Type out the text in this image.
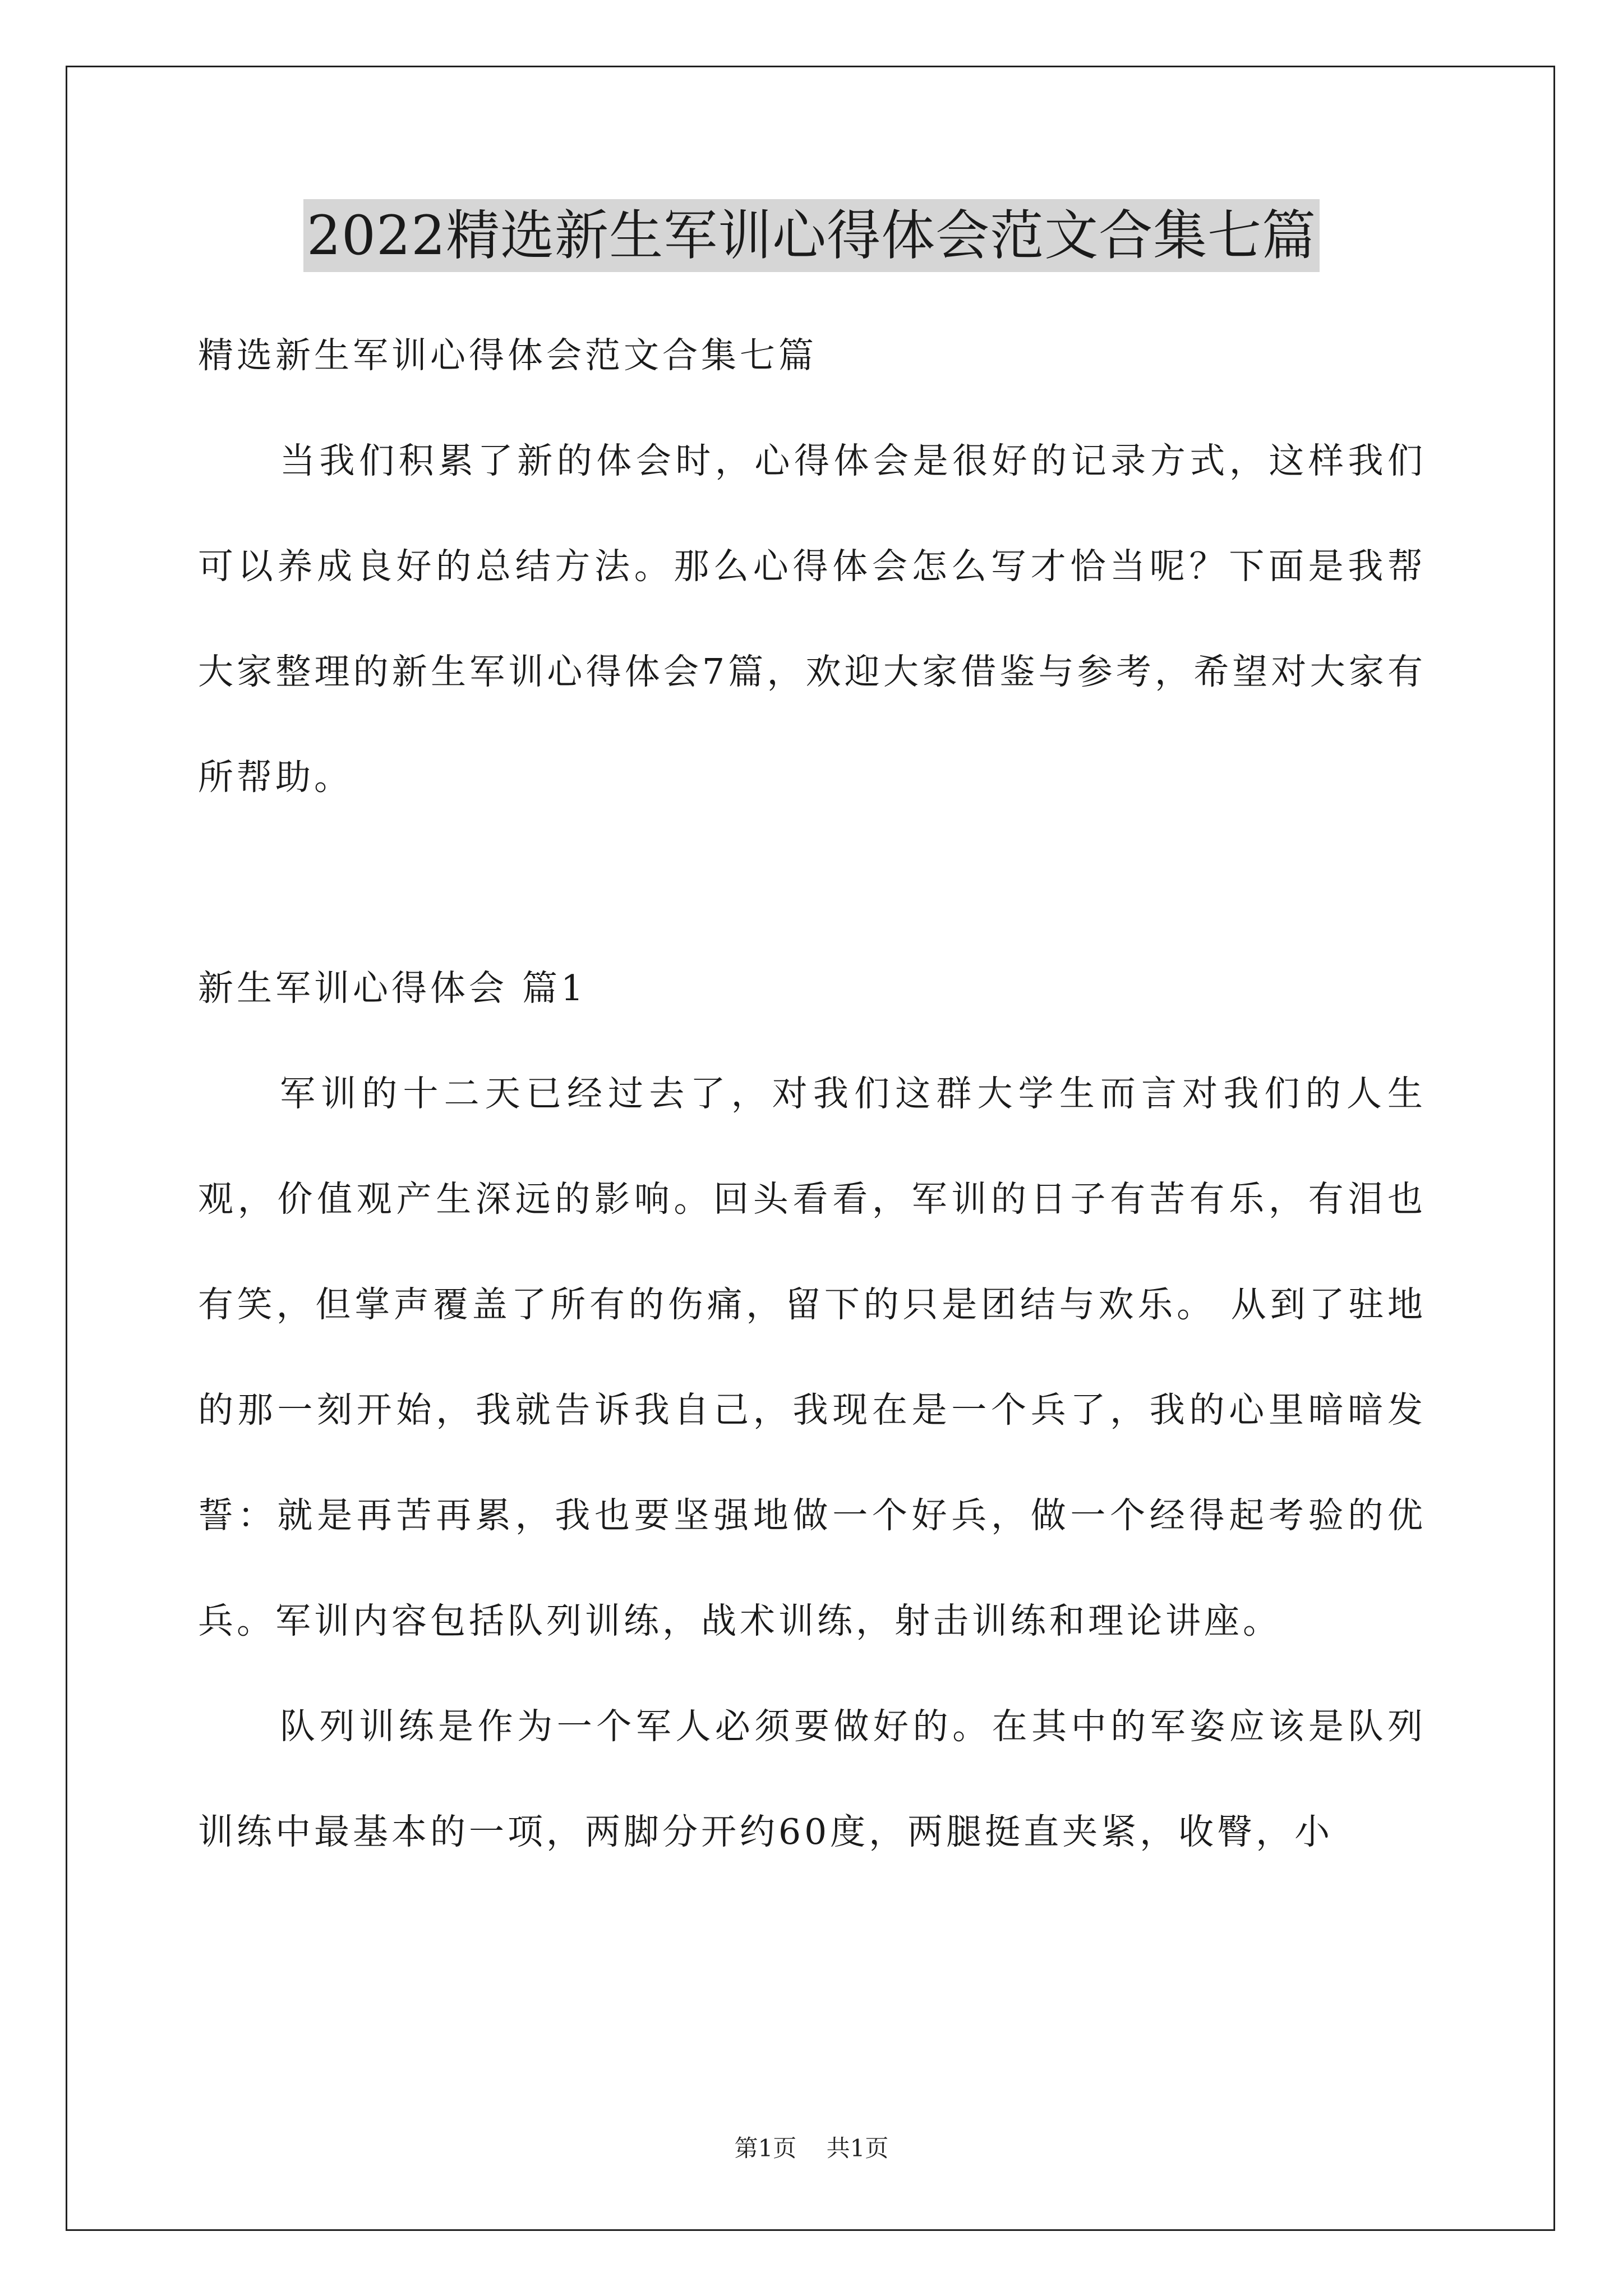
2022精选新生军训心得体会范文合集七篇

精选新生军训心得体会范文合集七篇

当我们积累了新的体会时，心得体会是很好的记录方式，这样我们可以养成良好的总结方法。那么心得体会怎么写才恰当呢？下面是我帮大家整理的新生军训心得体会7篇，欢迎大家借鉴与参考，希望对大家有所帮助。

新生军训心得体会 篇1

军训的十二天已经过去了，对我们这群大学生而言对我们的人生观，价值观产生深远的影响。回头看看，军训的日子有苦有乐，有泪也有笑，但掌声覆盖了所有的伤痛，留下的只是团结与欢乐。 从到了驻地的那一刻开始，我就告诉我自己，我现在是一个兵了，我的心里暗暗发誓：就是再苦再累，我也要坚强地做一个好兵，做一个经得起考验的优兵。军训内容包括队列训练，战术训练，射击训练和理论讲座。

队列训练是作为一个军人必须要做好的。在其中的军姿应该是队列训练中最基本的一项，两脚分开约60度，两腿挺直夹紧，收臀，小

第1页 共1页
